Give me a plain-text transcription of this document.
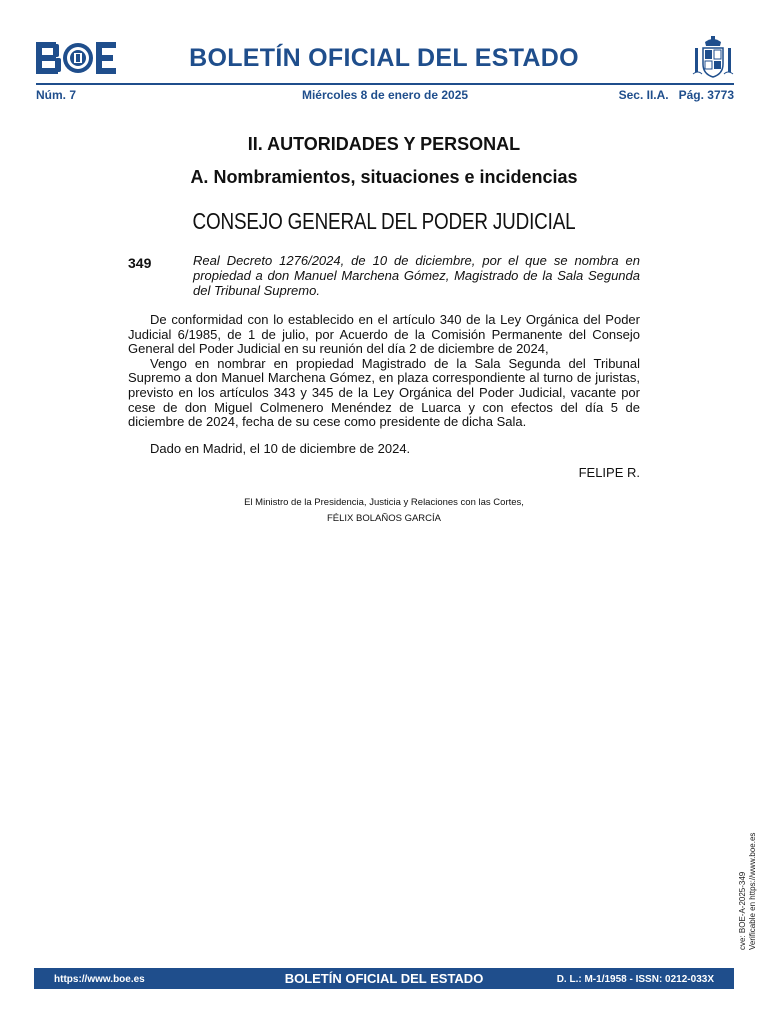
BOLETÍN OFICIAL DEL ESTADO
Núm. 7	Miércoles 8 de enero de 2025	Sec. II.A. Pág. 3773
II. AUTORIDADES Y PERSONAL
A. Nombramientos, situaciones e incidencias
CONSEJO GENERAL DEL PODER JUDICIAL
349	Real Decreto 1276/2024, de 10 de diciembre, por el que se nombra en propiedad a don Manuel Marchena Gómez, Magistrado de la Sala Segunda del Tribunal Supremo.

De conformidad con lo establecido en el artículo 340 de la Ley Orgánica del Poder Judicial 6/1985, de 1 de julio, por Acuerdo de la Comisión Permanente del Consejo General del Poder Judicial en su reunión del día 2 de diciembre de 2024,

Vengo en nombrar en propiedad Magistrado de la Sala Segunda del Tribunal Supremo a don Manuel Marchena Gómez, en plaza correspondiente al turno de juristas, previsto en los artículos 343 y 345 de la Ley Orgánica del Poder Judicial, vacante por cese de don Miguel Colmenero Menéndez de Luarca y con efectos del día 5 de diciembre de 2024, fecha de su cese como presidente de dicha Sala.

Dado en Madrid, el 10 de diciembre de 2024.
FELIPE R.
El Ministro de la Presidencia, Justicia y Relaciones con las Cortes,
FÉLIX BOLAÑOS GARCÍA
cve: BOE-A-2025-349 Verificable en https://www.boe.es
https://www.boe.es	BOLETÍN OFICIAL DEL ESTADO	D. L.: M-1/1958 - ISSN: 0212-033X
